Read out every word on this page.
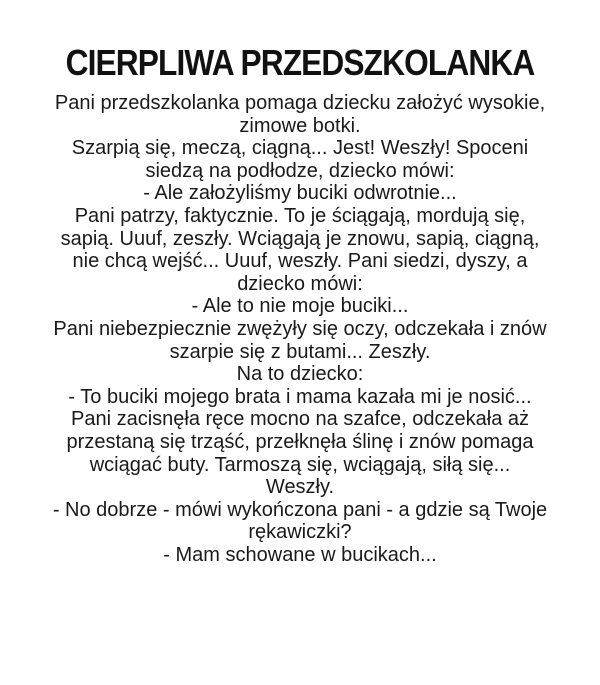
CIERPLIWA PRZEDSZKOLANKA
Pani przedszkolanka pomaga dziecku założyć wysokie,
zimowe botki.
Szarpią się, meczą, ciągną... Jest! Weszły! Spoceni
siedzą na podłodze, dziecko mówi:
- Ale założyliśmy buciki odwrotnie...
Pani patrzy, faktycznie. To je ściągają, mordują się,
sapią. Uuuf, zeszły. Wciągają je znowu, sapią, ciągną,
nie chcą wejść... Uuuf, weszły. Pani siedzi, dyszy, a
dziecko mówi:
- Ale to nie moje buciki...
Pani niebezpiecznie zwężyły się oczy, odczekała i znów
szarpie się z butami... Zeszły.
Na to dziecko:
- To buciki mojego brata i mama kazała mi je nosić...
Pani zacisnęła ręce mocno na szafce, odczekała aż
przestaną się trząść, przełknęła ślinę i znów pomaga
wciągać buty. Tarmoszą się, wciągają, siłą się...
Weszły.
- No dobrze - mówi wykończona pani - a gdzie są Twoje
rękawiczki?
- Mam schowane w bucikach...
